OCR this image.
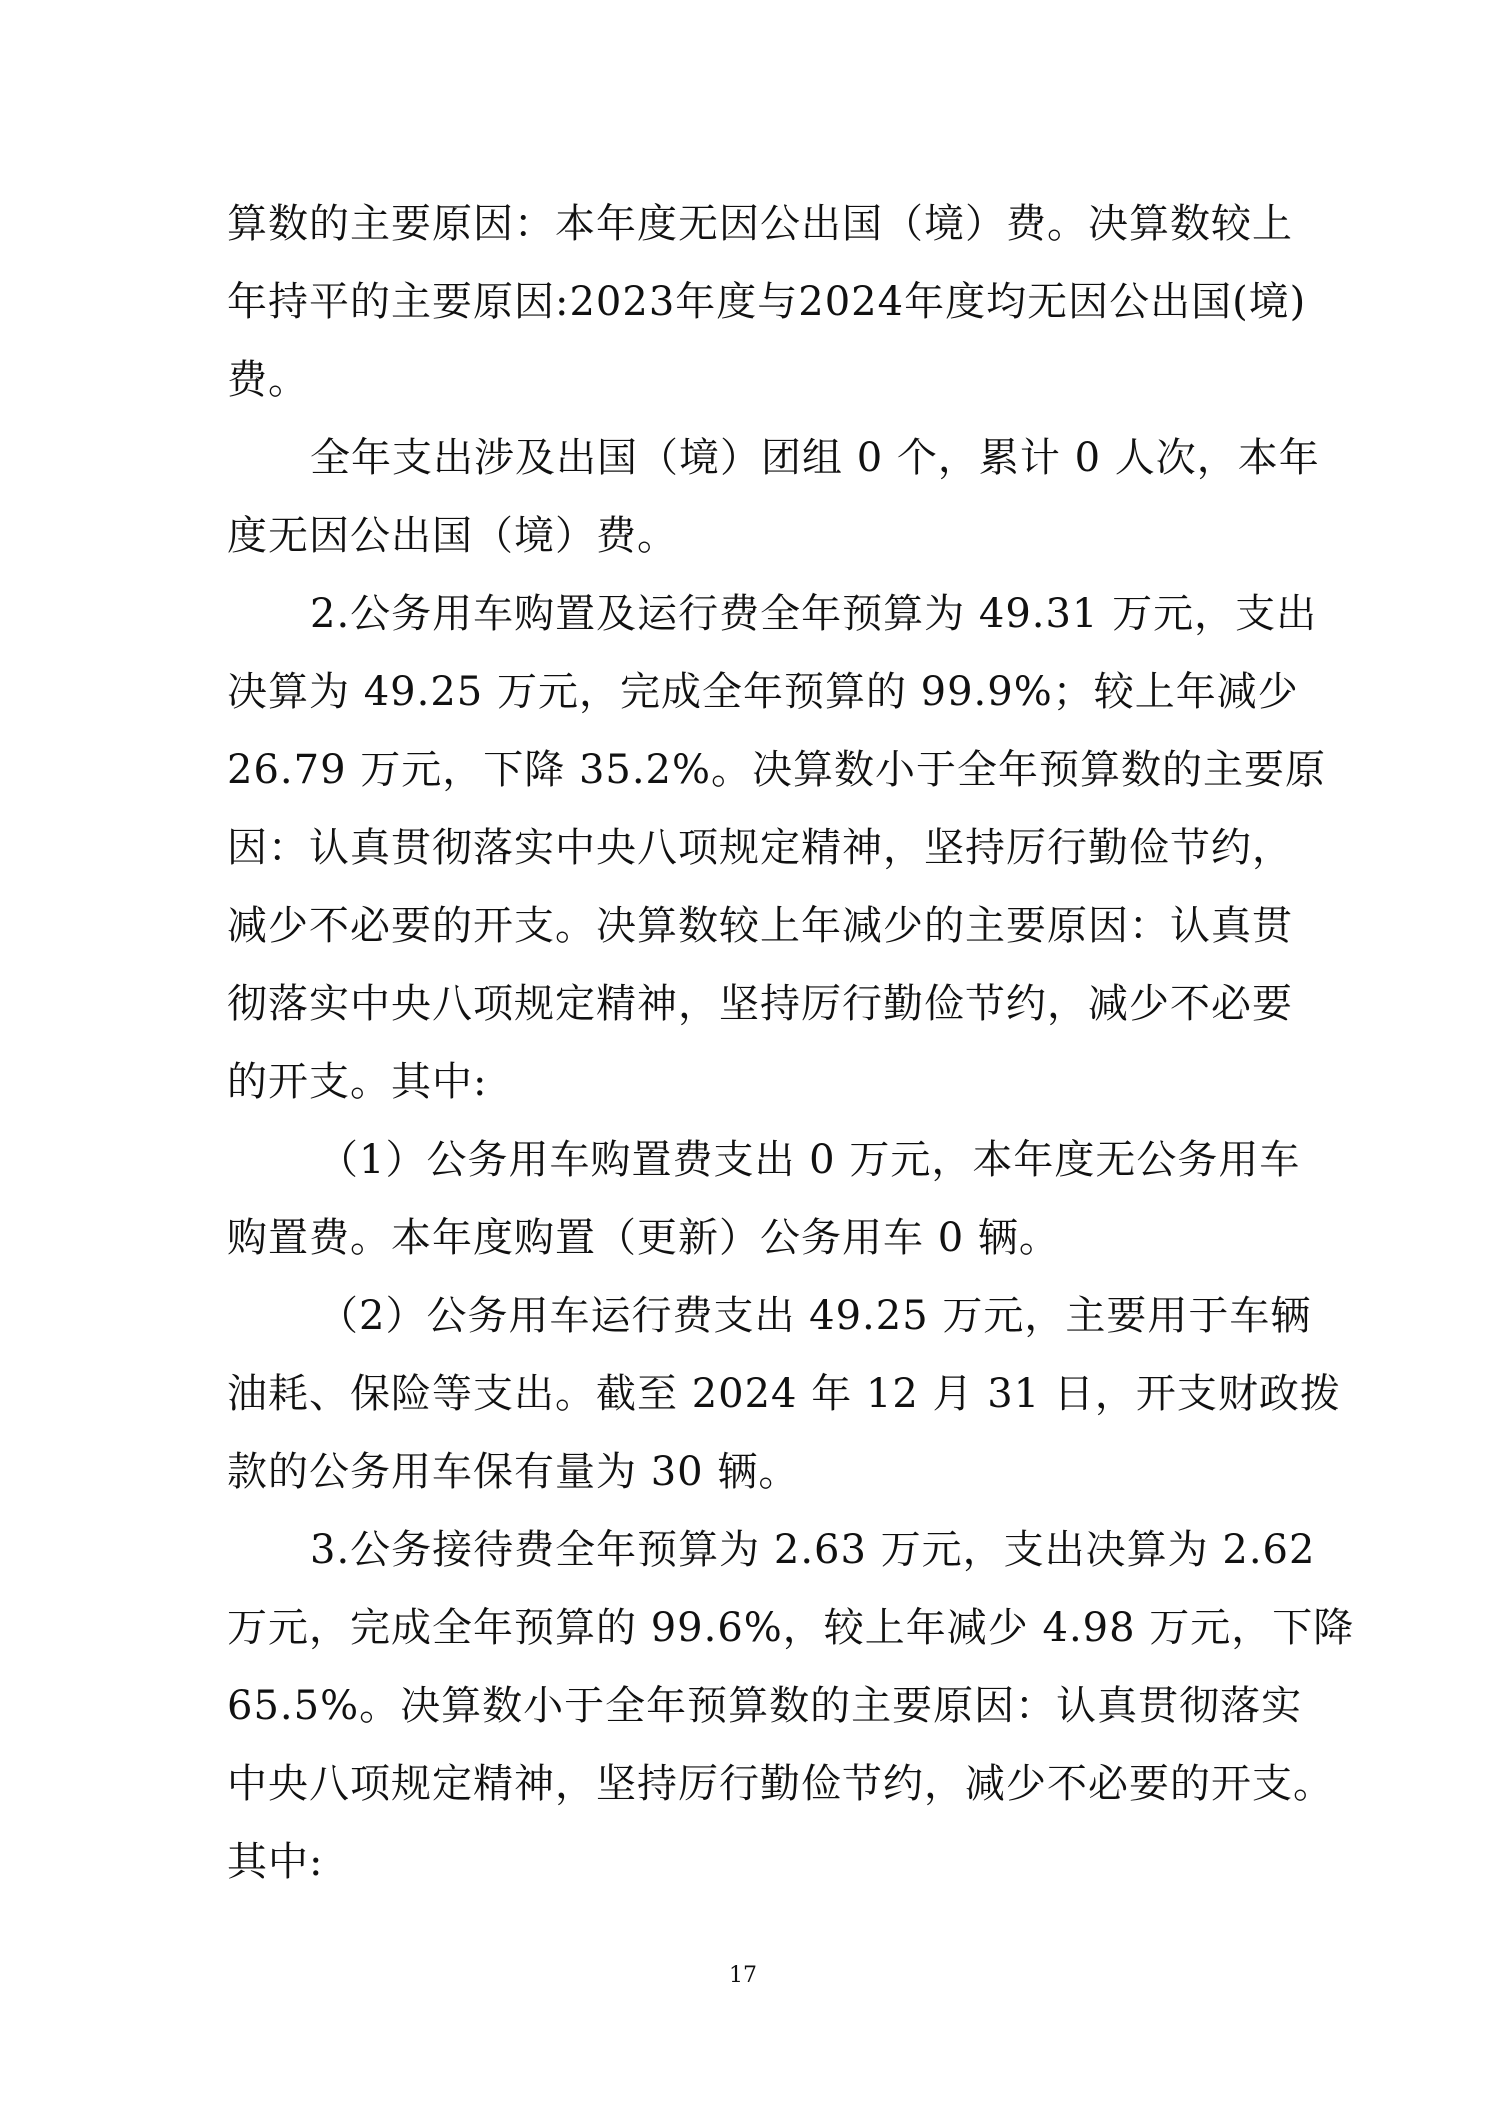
算数的主要原因：本年度无因公出国（境）费。决算数较上
年持平的主要原因:2023年度与2024年度均无因公出国(境)
费。
全年支出涉及出国（境）团组 0 个，累计 0 人次，本年
度无因公出国（境）费。
2.公务用车购置及运行费全年预算为 49.31 万元，支出
决算为 49.25 万元，完成全年预算的 99.9%；较上年减少
26.79 万元，下降 35.2%。决算数小于全年预算数的主要原
因：认真贯彻落实中央八项规定精神，坚持厉行勤俭节约，
减少不必要的开支。决算数较上年减少的主要原因：认真贯
彻落实中央八项规定精神，坚持厉行勤俭节约，减少不必要
的开支。其中:
（1）公务用车购置费支出 0 万元，本年度无公务用车
购置费。本年度购置（更新）公务用车 0 辆。
（2）公务用车运行费支出 49.25 万元，主要用于车辆
油耗、保险等支出。截至 2024 年 12 月 31 日，开支财政拨
款的公务用车保有量为 30 辆。
3.公务接待费全年预算为 2.63 万元，支出决算为 2.62
万元，完成全年预算的 99.6%，较上年减少 4.98 万元，下降
65.5%。决算数小于全年预算数的主要原因：认真贯彻落实
中央八项规定精神，坚持厉行勤俭节约，减少不必要的开支。
其中:
17
